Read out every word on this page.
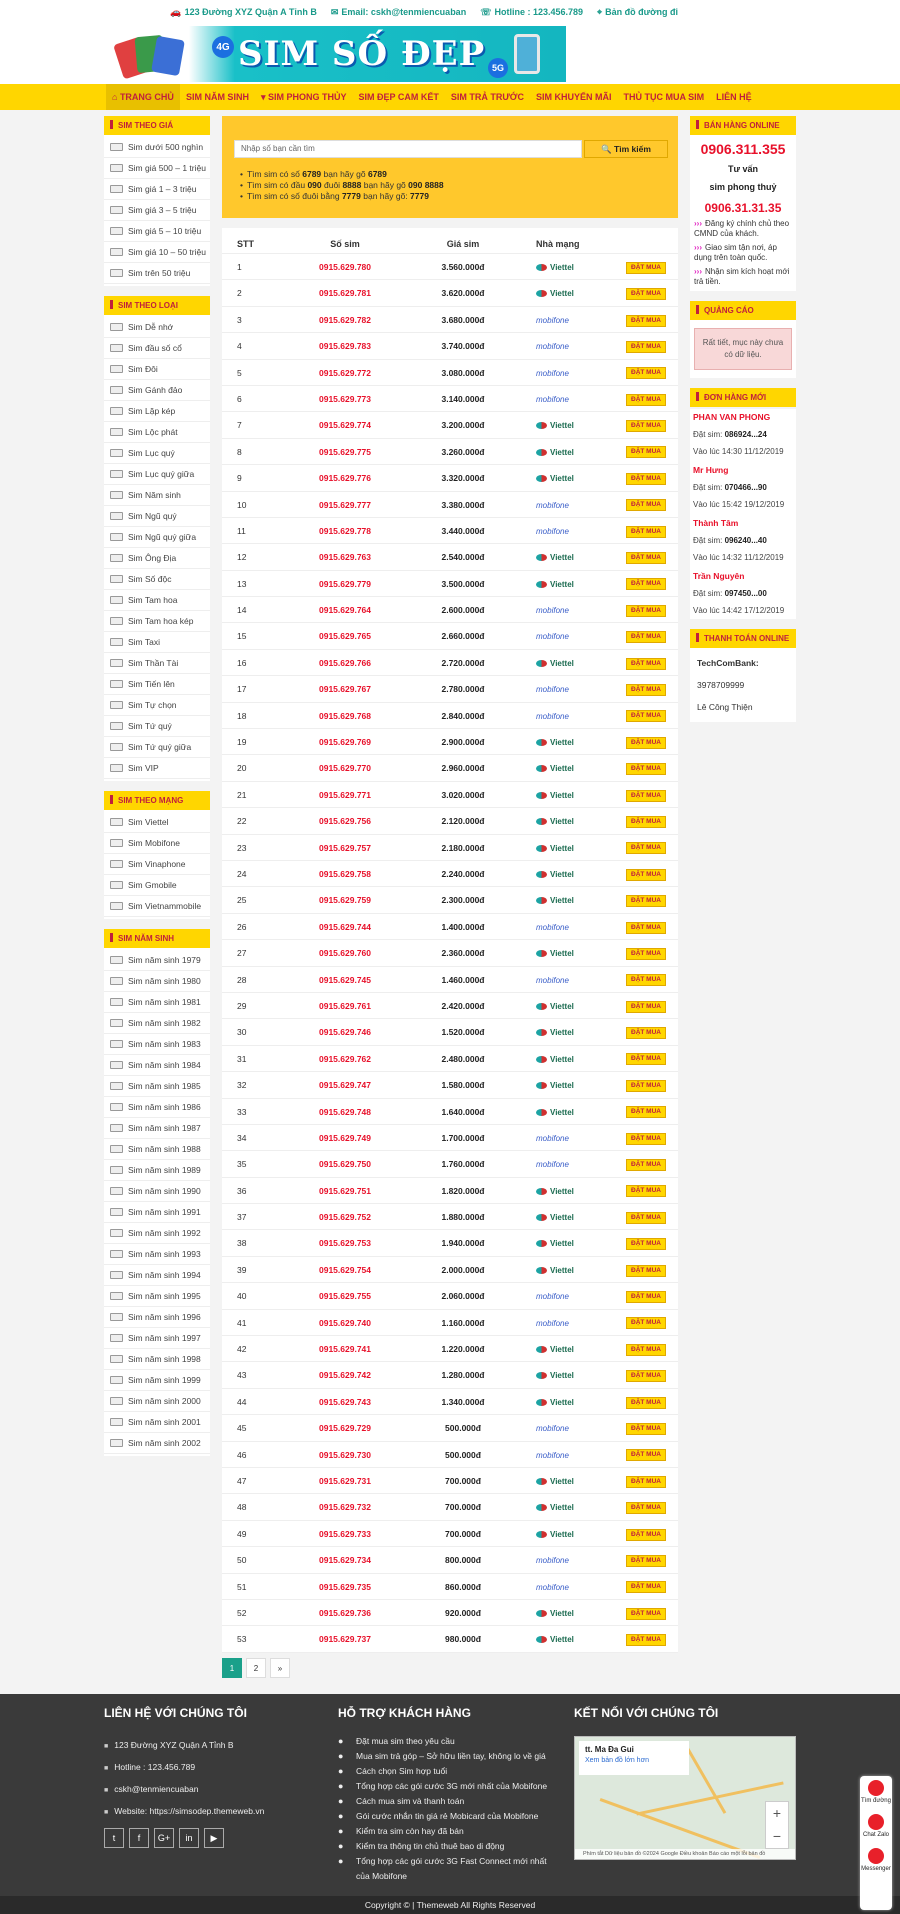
🚗 123 Đường XYZ Quận A Tỉnh B ✉ Email: cskh@tenmiencuaban ☏ Hotline : 123.456.789 ⌖ Bản đồ đường đi
4G SIM SỐ ĐẸP 5G
⌂ TRANG CHỦ	SIM NĂM SINH	▾ SIM PHONG THỦY	SIM ĐẸP CAM KẾT	SIM TRẢ TRƯỚC	SIM KHUYẾN MÃI	THỦ TỤC MUA SIM	LIÊN HỆ
SIM THEO GIÁ
Sim dưới 500 nghìn
Sim giá 500 – 1 triệu
Sim giá 1 – 3 triệu
Sim giá 3 – 5 triệu
Sim giá 5 – 10 triệu
Sim giá 10 – 50 triệu
Sim trên 50 triệu
SIM THEO LOẠI
Sim Dễ nhớ
Sim đầu số cổ
Sim Đôi
Sim Gánh đảo
Sim Lặp kép
Sim Lộc phát
Sim Lục quý
Sim Lục quý giữa
Sim Năm sinh
Sim Ngũ quý
Sim Ngũ quý giữa
Sim Ông Địa
Sim Số độc
Sim Tam hoa
Sim Tam hoa kép
Sim Taxi
Sim Thần Tài
Sim Tiến lên
Sim Tự chọn
Sim Tứ quý
Sim Tứ quý giữa
Sim VIP
SIM THEO MẠNG
Sim Viettel
Sim Mobifone
Sim Vinaphone
Sim Gmobile
Sim Vietnammobile
SIM NĂM SINH
Sim năm sinh 1979
Sim năm sinh 1980
Sim năm sinh 1981
Sim năm sinh 1982
Sim năm sinh 1983
Sim năm sinh 1984
Sim năm sinh 1985
Sim năm sinh 1986
Sim năm sinh 1987
Sim năm sinh 1988
Sim năm sinh 1989
Sim năm sinh 1990
Sim năm sinh 1991
Sim năm sinh 1992
Sim năm sinh 1993
Sim năm sinh 1994
Sim năm sinh 1995
Sim năm sinh 1996
Sim năm sinh 1997
Sim năm sinh 1998
Sim năm sinh 1999
Sim năm sinh 2000
Sim năm sinh 2001
Sim năm sinh 2002
Nhập số bạn cần tìm	🔍 Tìm kiếm
• Tìm sim có số 6789 bạn hãy gõ 6789
• Tìm sim có đầu 090 đuôi 8888 bạn hãy gõ 090 8888
• Tìm sim có số đuôi bằng 7779 bạn hãy gõ: 7779
STT	Số sim	Giá sim	Nhà mạng
1	0915.629.780	3.560.000đ	Viettel	ĐẶT MUA
2	0915.629.781	3.620.000đ	Viettel	ĐẶT MUA
3	0915.629.782	3.680.000đ	mobifone	ĐẶT MUA
4	0915.629.783	3.740.000đ	mobifone	ĐẶT MUA
5	0915.629.772	3.080.000đ	mobifone	ĐẶT MUA
6	0915.629.773	3.140.000đ	mobifone	ĐẶT MUA
7	0915.629.774	3.200.000đ	Viettel	ĐẶT MUA
8	0915.629.775	3.260.000đ	Viettel	ĐẶT MUA
9	0915.629.776	3.320.000đ	Viettel	ĐẶT MUA
10	0915.629.777	3.380.000đ	mobifone	ĐẶT MUA
11	0915.629.778	3.440.000đ	mobifone	ĐẶT MUA
12	0915.629.763	2.540.000đ	Viettel	ĐẶT MUA
13	0915.629.779	3.500.000đ	Viettel	ĐẶT MUA
14	0915.629.764	2.600.000đ	mobifone	ĐẶT MUA
15	0915.629.765	2.660.000đ	mobifone	ĐẶT MUA
16	0915.629.766	2.720.000đ	Viettel	ĐẶT MUA
17	0915.629.767	2.780.000đ	mobifone	ĐẶT MUA
18	0915.629.768	2.840.000đ	mobifone	ĐẶT MUA
19	0915.629.769	2.900.000đ	Viettel	ĐẶT MUA
20	0915.629.770	2.960.000đ	Viettel	ĐẶT MUA
21	0915.629.771	3.020.000đ	Viettel	ĐẶT MUA
22	0915.629.756	2.120.000đ	Viettel	ĐẶT MUA
23	0915.629.757	2.180.000đ	Viettel	ĐẶT MUA
24	0915.629.758	2.240.000đ	Viettel	ĐẶT MUA
25	0915.629.759	2.300.000đ	Viettel	ĐẶT MUA
26	0915.629.744	1.400.000đ	mobifone	ĐẶT MUA
27	0915.629.760	2.360.000đ	Viettel	ĐẶT MUA
28	0915.629.745	1.460.000đ	mobifone	ĐẶT MUA
29	0915.629.761	2.420.000đ	Viettel	ĐẶT MUA
30	0915.629.746	1.520.000đ	Viettel	ĐẶT MUA
31	0915.629.762	2.480.000đ	Viettel	ĐẶT MUA
32	0915.629.747	1.580.000đ	Viettel	ĐẶT MUA
33	0915.629.748	1.640.000đ	Viettel	ĐẶT MUA
34	0915.629.749	1.700.000đ	mobifone	ĐẶT MUA
35	0915.629.750	1.760.000đ	mobifone	ĐẶT MUA
36	0915.629.751	1.820.000đ	Viettel	ĐẶT MUA
37	0915.629.752	1.880.000đ	Viettel	ĐẶT MUA
38	0915.629.753	1.940.000đ	Viettel	ĐẶT MUA
39	0915.629.754	2.000.000đ	Viettel	ĐẶT MUA
40	0915.629.755	2.060.000đ	mobifone	ĐẶT MUA
41	0915.629.740	1.160.000đ	mobifone	ĐẶT MUA
42	0915.629.741	1.220.000đ	Viettel	ĐẶT MUA
43	0915.629.742	1.280.000đ	Viettel	ĐẶT MUA
44	0915.629.743	1.340.000đ	Viettel	ĐẶT MUA
45	0915.629.729	500.000đ	mobifone	ĐẶT MUA
46	0915.629.730	500.000đ	mobifone	ĐẶT MUA
47	0915.629.731	700.000đ	Viettel	ĐẶT MUA
48	0915.629.732	700.000đ	Viettel	ĐẶT MUA
49	0915.629.733	700.000đ	Viettel	ĐẶT MUA
50	0915.629.734	800.000đ	mobifone	ĐẶT MUA
51	0915.629.735	860.000đ	mobifone	ĐẶT MUA
52	0915.629.736	920.000đ	Viettel	ĐẶT MUA
53	0915.629.737	980.000đ	Viettel	ĐẶT MUA
1	2	»
BÁN HÀNG ONLINE
0906.311.355
Tư vấn
sim phong thuỷ
0906.31.31.35
››› Đăng ký chính chủ theo CMND của khách.
››› Giao sim tận nơi, áp dụng trên toàn quốc.
››› Nhận sim kích hoạt mới trả tiền.
QUẢNG CÁO
Rất tiết, mục này chưa có dữ liệu.
ĐƠN HÀNG MỚI
PHAN VAN PHONG
Đặt sim: 086924...24
Vào lúc 14:30 11/12/2019
Mr Hưng
Đặt sim: 070466...90
Vào lúc 15:42 19/12/2019
Thành Tâm
Đặt sim: 096240...40
Vào lúc 14:32 11/12/2019
Trần Nguyên
Đặt sim: 097450...00
Vào lúc 14:42 17/12/2019
THANH TOÁN ONLINE
TechComBank:
3978709999
Lê Công Thiện
LIÊN HỆ VỚI CHÚNG TÔI
■ 123 Đường XYZ Quận A Tỉnh B
■ Hotline : 123.456.789
■ cskh@tenmiencuaban
■ Website: https://simsodep.themeweb.vn
t	f	G+	in	▶
HỖ TRỢ KHÁCH HÀNG
● Đặt mua sim theo yêu cầu
● Mua sim trả góp – Sở hữu liền tay, không lo về giá
● Cách chọn Sim hợp tuổi
● Tổng hợp các gói cước 3G mới nhất của Mobifone
● Cách mua sim và thanh toán
● Gói cước nhắn tin giá rẻ Mobicard của Mobifone
● Kiểm tra sim còn hay đã bán
● Kiểm tra thông tin chủ thuê bao di động
● Tổng hợp các gói cước 3G Fast Connect mới nhất của Mobifone
KẾT NỐI VỚI CHÚNG TÔI
tt. Ma Đa Gui
Xem bản đồ lớn hơn
+
−
Phím tắt Dữ liệu bản đồ ©2024 Google Điều khoản Báo cáo một lỗi bản đồ
Copyright © | Themeweb All Rights Reserved
Tìm đường
Chat Zalo
Messenger
